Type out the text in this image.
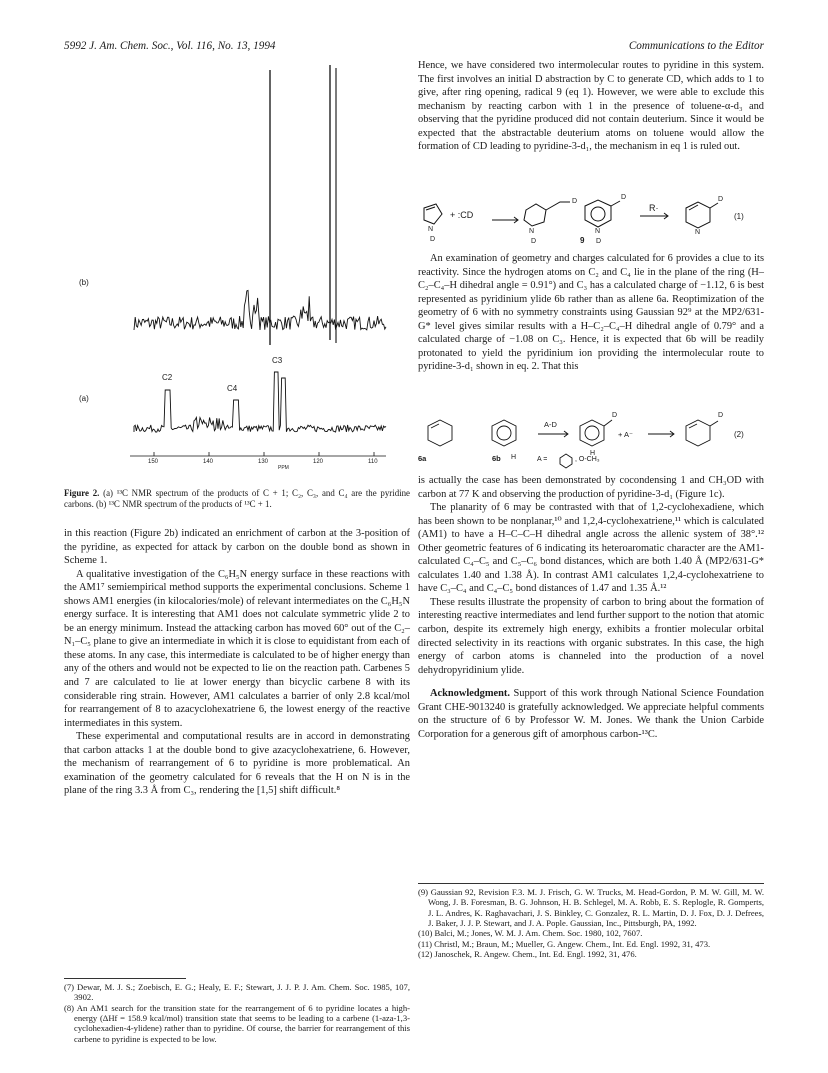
5992 J. Am. Chem. Soc., Vol. 116, No. 13, 1994	Communications to the Editor
(b)
(a)
C2
C3
C4
150	140	130	120	110
PPM
Figure 2. (a) ¹³C NMR spectrum of the products of C + 1; C₂, C₃, and C₄ are the pyridine carbons. (b) ¹³C NMR spectrum of the products of ¹³C + 1.

in this reaction (Figure 2b) indicated an enrichment of carbon at the 3-position of the pyridine, as expected for attack by carbon on the double bond as shown in Scheme 1.

A qualitative investigation of the C₆H₅N energy surface in these reactions with the AM1⁷ semiempirical method supports the experimental conclusions. Scheme 1 shows AM1 energies (in kilocalories/mole) of relevant intermediates on the C₆H₅N energy surface. It is interesting that AM1 does not calculate symmetric ylide 2 to be an energy minimum. Instead the attacking carbon has moved 60° out of the C₂–N₁–C₅ plane to give an intermediate in which it is close to equidistant from each of these atoms. In any case, this intermediate is calculated to be of higher energy than any of the others and would not be expected to lie on the reaction path. Carbenes 5 and 7 are calculated to lie at lower energy than bicyclic carbene 8 with its considerable ring strain. However, AM1 calculates a barrier of only 2.8 kcal/mol for rearrangement of 8 to azacyclohexatriene 6, the lowest energy of the reactive intermediates in this system.

These experimental and computational results are in accord in demonstrating that carbon attacks 1 at the double bond to give azacyclohexatriene, 6. However, the mechanism of rearrangement of 6 to pyridine is more problematical. An examination of the geometry calculated for 6 reveals that the H on N is in the plane of the ring 3.3 Å from C₃, rendering the [1,5] shift difficult.⁸

(7) Dewar, M. J. S.; Zoebisch, E. G.; Healy, E. F.; Stewart, J. J. P. J. Am. Chem. Soc. 1985, 107, 3902.

(8) An AM1 search for the transition state for the rearrangement of 6 to pyridine locates a high-energy (ΔHf = 158.9 kcal/mol) transition state that seems to be leading to a carbene (1-aza-1,3-cyclohexadien-4-ylidene) rather than to pyridine. Of course, the barrier for rearrangement of this carbene to pyridine is expected to be low.

Hence, we have considered two intermolecular routes to pyridine in this system. The first involves an initial D abstraction by C to generate CD, which adds to 1 to give, after ring opening, radical 9 (eq 1). However, we were able to exclude this mechanism by reacting carbon with 1 in the presence of toluene-α-d₃ and observing that the pyridine produced did not contain deuterium. Since it would be expected that the abstractable deuterium atoms on toluene would allow the formation of CD leading to pyridine-3-d₁, the mechanism in eq 1 is ruled out.
+ :CD
N
D
D
N
D
N
D
D
9
R·
N
D
(1)

An examination of geometry and charges calculated for 6 provides a clue to its reactivity. Since the hydrogen atoms on C₂ and C₄ lie in the plane of the ring (H–C₂–C₄–H dihedral angle = 0.91°) and C₃ has a calculated charge of −1.12, 6 is best represented as pyridinium ylide 6b rather than as allene 6a. Reoptimization of the geometry of 6 with no symmetry constraints using Gaussian 92⁹ at the MP2/631-G* level gives similar results with a H–C₂–C₄–H dihedral angle of 0.79° and a calculated charge of −1.08 on C₃. Hence, it is expected that 6b will be readily protonated to yield the pyridinium ion providing the intermolecular route to pyridine-3-d₁ shown in eq. 2. That this

6a	6b H
A-D
D
+ A⁻
H
D
A =	, O-CH₃
(2)

is actually the case has been demonstrated by cocondensing 1 and CH₃OD with carbon at 77 K and observing the production of pyridine-3-d₁ (Figure 1c).

The planarity of 6 may be contrasted with that of 1,2-cyclohexadiene, which has been shown to be nonplanar,¹⁰ and 1,2,4-cyclohexatriene,¹¹ which is calculated (AM1) to have a H–C–C–H dihedral angle across the allenic system of 38°.¹² Other geometric features of 6 indicating its heteroaromatic character are the AM1-calculated C₄–C₅ and C₅–C₆ bond distances, which are both 1.40 Å (MP2/631-G* calculates 1.40 and 1.38 Å). In contrast AM1 calculates 1,2,4-cyclohexatriene to have C₃–C₄ and C₄–C₅ bond distances of 1.47 and 1.35 Å.¹²

These results illustrate the propensity of carbon to bring about the formation of interesting reactive intermediates and lend further support to the notion that atomic carbon, despite its extremely high energy, exhibits a frontier molecular orbital directed selectivity in its reactions with organic substrates. In this case, the high energy of carbon atoms is channeled into the production of a novel dehydropyridinium ylide.

Acknowledgment. Support of this work through National Science Foundation Grant CHE-9013240 is gratefully acknowledged. We appreciate helpful comments on the structure of 6 by Professor W. M. Jones. We thank the Union Carbide Corporation for a generous gift of amorphous carbon-¹³C.

(9) Gaussian 92, Revision F.3. M. J. Frisch, G. W. Trucks, M. Head-Gordon, P. M. W. Gill, M. W. Wong, J. B. Foresman, B. G. Johnson, H. B. Schlegel, M. A. Robb, E. S. Replogle, R. Gomperts, J. L. Andres, K. Raghavachari, J. S. Binkley, C. Gonzalez, R. L. Martin, D. J. Fox, D. J. Defrees, J. Baker, J. J. P. Stewart, and J. A. Pople. Gaussian, Inc., Pittsburgh, PA, 1992.

(10) Balci, M.; Jones, W. M. J. Am. Chem. Soc. 1980, 102, 7607.

(11) Christl, M.; Braun, M.; Mueller, G. Angew. Chem., Int. Ed. Engl. 1992, 31, 473.

(12) Janoschek, R. Angew. Chem., Int. Ed. Engl. 1992, 31, 476.
